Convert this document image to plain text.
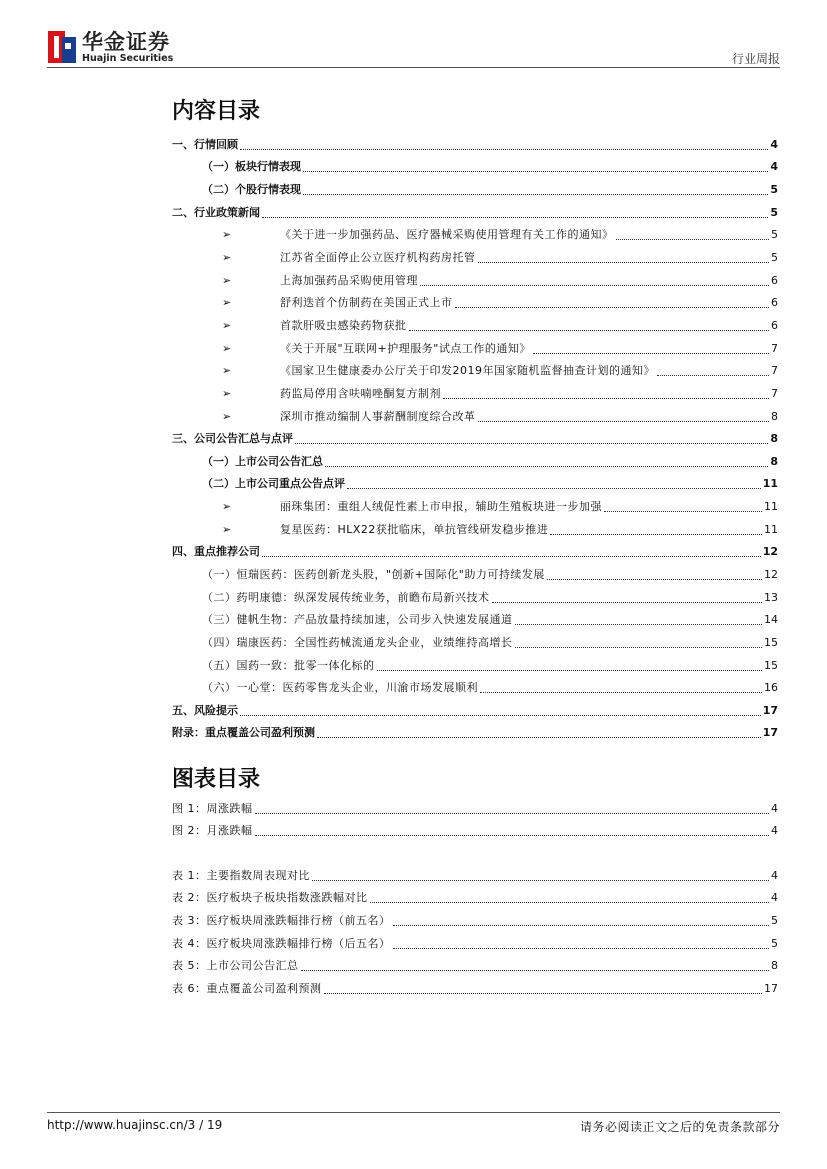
华金证券
Huajin Securities	行业周报
内容目录
一、行情回顾	4
（一）板块行情表现	4
（二）个股行情表现	5
二、行业政策新闻	5
➢	《关于进一步加强药品、医疗器械采购使用管理有关工作的通知》	5
➢	江苏省全面停止公立医疗机构药房托管	5
➢	上海加强药品采购使用管理	6
➢	舒利迭首个仿制药在美国正式上市	6
➢	首款肝吸虫感染药物获批	6
➢	《关于开展"互联网+护理服务"试点工作的通知》	7
➢	《国家卫生健康委办公厅关于印发2019年国家随机监督抽查计划的通知》	7
➢	药监局停用含呋喃唑酮复方制剂	7
➢	深圳市推动编制人事薪酬制度综合改革	8
三、公司公告汇总与点评	8
（一）上市公司公告汇总	8
（二）上市公司重点公告点评	11
➢	丽珠集团：重组人绒促性素上市申报，辅助生殖板块进一步加强	11
➢	复星医药：HLX22获批临床，单抗管线研发稳步推进	11
四、重点推荐公司	12
（一）恒瑞医药：医药创新龙头股，"创新+国际化"助力可持续发展	12
（二）药明康德：纵深发展传统业务，前瞻布局新兴技术	13
（三）健帆生物：产品放量持续加速，公司步入快速发展通道	14
（四）瑞康医药：全国性药械流通龙头企业，业绩维持高增长	15
（五）国药一致：批零一体化标的	15
（六）一心堂：医药零售龙头企业，川渝市场发展顺利	16
五、风险提示	17
附录：重点覆盖公司盈利预测	17
图表目录
图 1：周涨跌幅	4
图 2：月涨跌幅	4
表 1：主要指数周表现对比	4
表 2：医疗板块子板块指数涨跌幅对比	4
表 3：医疗板块周涨跌幅排行榜（前五名）	5
表 4：医疗板块周涨跌幅排行榜（后五名）	5
表 5：上市公司公告汇总	8
表 6：重点覆盖公司盈利预测	17
http://www.huajinsc.cn/3 / 19	请务必阅读正文之后的免责条款部分
